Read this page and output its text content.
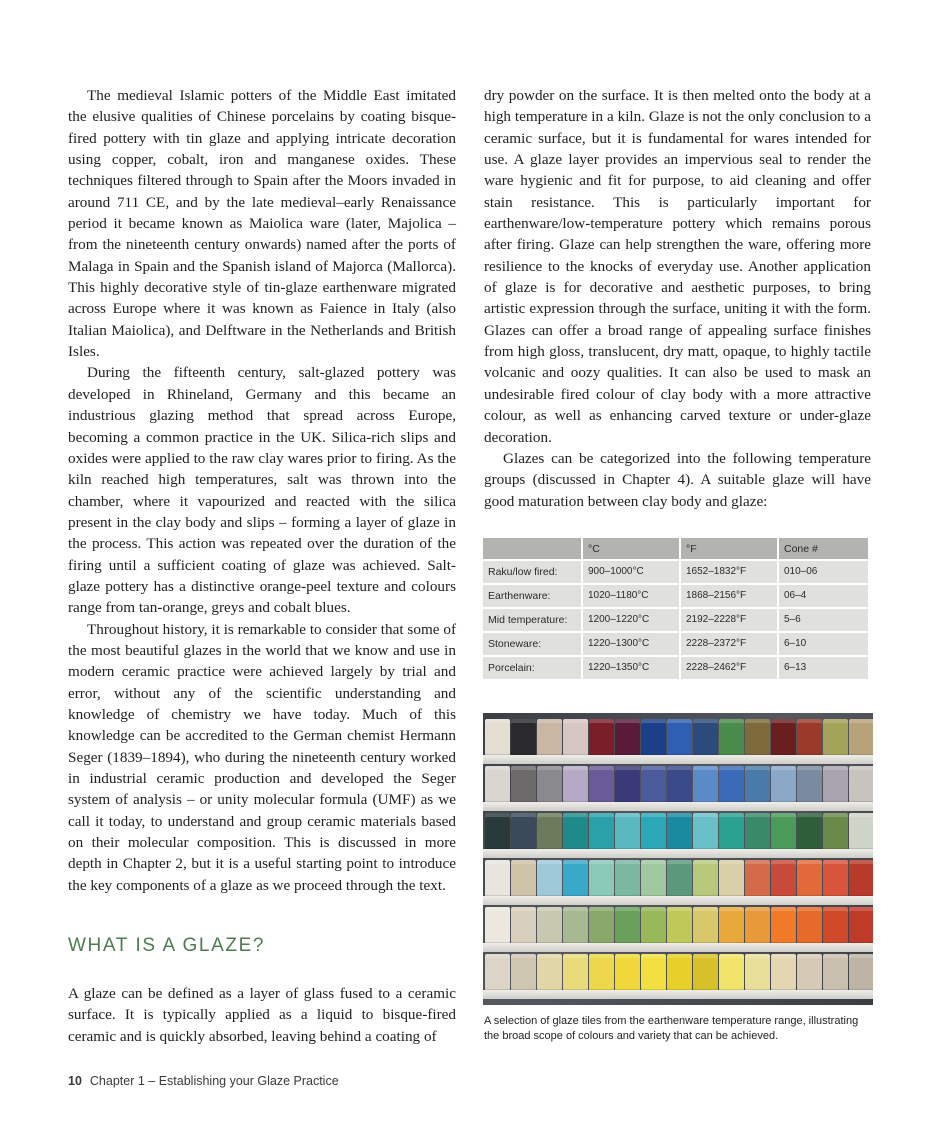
The medieval Islamic potters of the Middle East imitated the elusive qualities of Chinese porcelains by coating bisque-fired pottery with tin glaze and applying intricate decoration using copper, cobalt, iron and manganese oxides. These techniques filtered through to Spain after the Moors invaded in around 711 CE, and by the late medieval–early Renaissance period it became known as Maiolica ware (later, Majolica – from the nineteenth century onwards) named after the ports of Malaga in Spain and the Spanish island of Majorca (Mallorca). This highly decorative style of tin-glaze earthenware migrated across Europe where it was known as Faience in Italy (also Italian Maiolica), and Delftware in the Netherlands and British Isles.

During the fifteenth century, salt-glazed pottery was developed in Rhineland, Germany and this became an industrious glazing method that spread across Europe, becoming a common practice in the UK. Silica-rich slips and oxides were applied to the raw clay wares prior to firing. As the kiln reached high temperatures, salt was thrown into the chamber, where it vapourized and reacted with the silica present in the clay body and slips – forming a layer of glaze in the process. This action was repeated over the duration of the firing until a sufficient coating of glaze was achieved. Salt-glaze pottery has a distinctive orange-peel texture and colours range from tan-orange, greys and cobalt blues.

Throughout history, it is remarkable to consider that some of the most beautiful glazes in the world that we know and use in modern ceramic practice were achieved largely by trial and error, without any of the scientific understanding and knowledge of chemistry we have today. Much of this knowledge can be accredited to the German chemist Hermann Seger (1839–1894), who during the nineteenth century worked in industrial ceramic production and developed the Seger system of analysis – or unity molecular formula (UMF) as we call it today, to understand and group ceramic materials based on their molecular composition. This is discussed in more depth in Chapter 2, but it is a useful starting point to introduce the key components of a glaze as we proceed through the text.

WHAT IS A GLAZE?

A glaze can be defined as a layer of glass fused to a ceramic surface. It is typically applied as a liquid to bisque-fired ceramic and is quickly absorbed, leaving behind a coating of

dry powder on the surface. It is then melted onto the body at a high temperature in a kiln. Glaze is not the only conclusion to a ceramic surface, but it is fundamental for wares intended for use. A glaze layer provides an impervious seal to render the ware hygienic and fit for purpose, to aid cleaning and offer stain resistance. This is particularly important for earthenware/low-temperature pottery which remains porous after firing. Glaze can help strengthen the ware, offering more resilience to the knocks of everyday use. Another application of glaze is for decorative and aesthetic purposes, to bring artistic expression through the surface, uniting it with the form. Glazes can offer a broad range of appealing surface finishes from high gloss, translucent, dry matt, opaque, to highly tactile volcanic and oozy qualities. It can also be used to mask an undesirable fired colour of clay body with a more attractive colour, as well as enhancing carved texture or under-glaze decoration.

Glazes can be categorized into the following temperature groups (discussed in Chapter 4). A suitable glaze will have good maturation between clay body and glaze:

	°C	°F	Cone #
Raku/low fired:	900–1000°C	1652–1832°F	010–06
Earthenware:	1020–1180°C	1868–2156°F	06–4
Mid temperature:	1200–1220°C	2192–2228°F	5–6
Stoneware:	1220–1300°C	2228–2372°F	6–10
Porcelain:	1220–1350°C	2228–2462°F	6–13

A selection of glaze tiles from the earthenware temperature range, illustrating the broad scope of colours and variety that can be achieved.

10 Chapter 1 – Establishing your Glaze Practice
